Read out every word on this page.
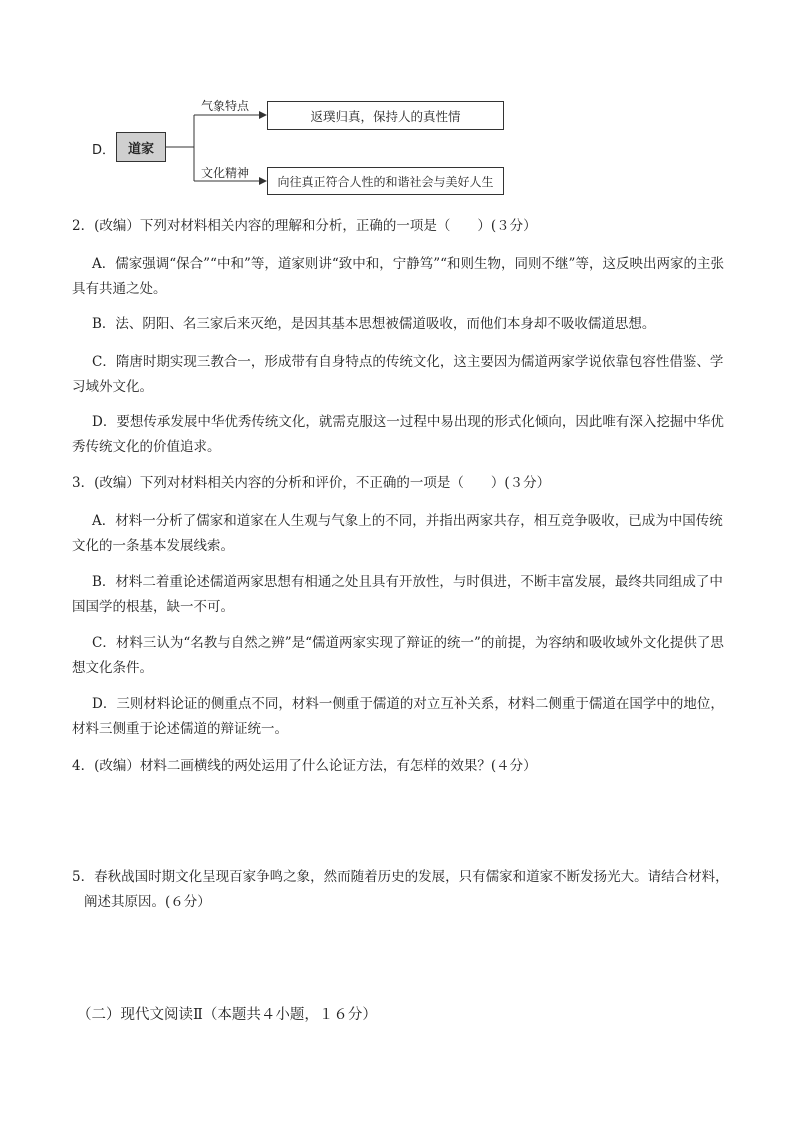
D． 道家
气象特点
返璞归真，保持人的真性情
文化精神
向往真正符合人性的和谐社会与美好人生
2．(改编）下列对材料相关内容的理解和分析，正确的一项是（　　）(３分）
A．儒家强调“保合”“中和”等，道家则讲“致中和，宁静笃”“和则生物，同则不继”等，这反映出两家的主张具有共通之处。
B．法、阴阳、名三家后来灭绝，是因其基本思想被儒道吸收，而他们本身却不吸收儒道思想。
C．隋唐时期实现三教合一，形成带有自身特点的传统文化，这主要因为儒道两家学说依靠包容性借鉴、学习域外文化。
D．要想传承发展中华优秀传统文化，就需克服这一过程中易出现的形式化倾向，因此唯有深入挖掘中华优秀传统文化的价值追求。
3．(改编）下列对材料相关内容的分析和评价，不正确的一项是（　　）(３分）
A．材料一分析了儒家和道家在人生观与气象上的不同，并指出两家共存，相互竞争吸收，已成为中国传统文化的一条基本发展线索。
B．材料二着重论述儒道两家思想有相通之处且具有开放性，与时俱进，不断丰富发展，最终共同组成了中国国学的根基，缺一不可。
C．材料三认为“名教与自然之辨”是“儒道两家实现了辩证的统一”的前提，为容纳和吸收域外文化提供了思想文化条件。
D．三则材料论证的侧重点不同，材料一侧重于儒道的对立互补关系，材料二侧重于儒道在国学中的地位，材料三侧重于论述儒道的辩证统一。
4．(改编）材料二画横线的两处运用了什么论证方法，有怎样的效果？(４分）
5．春秋战国时期文化呈现百家争鸣之象，然而随着历史的发展，只有儒家和道家不断发扬光大。请结合材料，阐述其原因。(６分）
（二）现代文阅读Ⅱ（本题共４小题，１６分）
